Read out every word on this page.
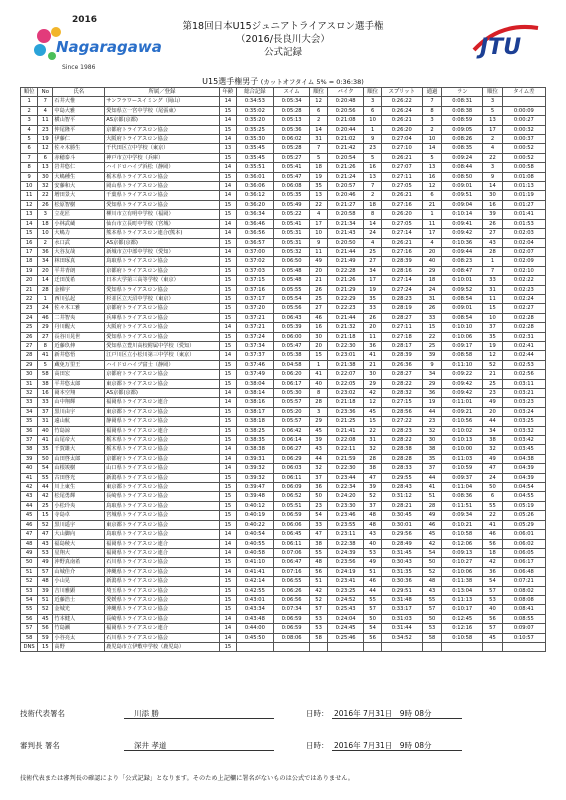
2016
Nagaragawa
Since 1986
第18回日本U15ジュニアトライアスロン選手権
（2016/長良川大会）
公式記録	JTU
U15選手権男子 (カットオフタイム 5% = 0:36:38)
順位	No	氏名	所属／登録	年齢	総合記録	スイム	順位	バイク	順位	スプリット	通過	ラン	順位	タイム差
1	7	石井大惟	サンフラワースイミング（岡山）	14	0:34:53	0:05:34	12	0:20:48	3	0:26:22	7	0:08:31	3	
2	4	中島大雅	愛知県立一宮中学校（尾張東）	15	0:35:02	0:05:28	6	0:20:56	6	0:26:24	8	0:08:38	5	0:00:09
3	11	横山智平	AS京都(京都)	14	0:35:20	0:05:13	2	0:21:08	10	0:26:21	3	0:08:59	13	0:00:27
4	23	仲尾隆平	京都府トライアスロン協会	15	0:35:25	0:05:36	14	0:20:44	1	0:26:20	2	0:09:05	17	0:00:32
5	19	伊藤仁	大阪府トライアスロン協会	14	0:35:30	0:06:02	31	0:21:02	9	0:27:04	10	0:08:26	2	0:00:37
6	12	佐々木勝生	千代田区立中学校（東京）	13	0:35:45	0:05:28	7	0:21:42	23	0:27:10	14	0:08:35	4	0:00:52
7	6	赤穂泰斗	神戸市立中学校（兵庫）	15	0:35:45	0:05:27	5	0:20:54	5	0:26:21	5	0:09:24	22	0:00:52
8	13	岩井悠仁	ハイドロハイブ浜松（静岡）	14	0:35:51	0:05:41	18	0:21:26	16	0:27:07	13	0:08:44	3	0:00:58
9	30	大嶋種生	栃木県トライアスロン協会	15	0:36:01	0:05:47	19	0:21:24	13	0:27:11	16	0:08:50	9	0:01:08
10	32	安藤和大	岡山県トライアスロン協会	14	0:36:06	0:06:08	35	0:20:57	7	0:27:05	12	0:09:01	14	0:01:13
11	22	増田景大	千葉県トライアスロン協会	14	0:36:12	0:05:35	13	0:20:46	2	0:26:21	6	0:09:51	30	0:01:19
12	26	松原智樹	愛知県トライアスロン協会	15	0:36:20	0:05:49	22	0:21:27	18	0:27:16	21	0:09:04	16	0:01:27
13	3	立花匠	柳川市立有明中学校（福岡）	15	0:36:34	0:05:22	4	0:20:58	8	0:26:20	1	0:10:14	39	0:01:41
14	18	小林武蔵	仙台市立長町中学校（宮城）	14	0:36:46	0:05:41	17	0:21:34	14	0:27:05	11	0:09:41	26	0:01:53
15	10	大嶋力	熊本県トライアスロン連合(熊本)	14	0:36:56	0:05:31	10	0:21:43	24	0:27:14	17	0:09:42	27	0:02:03
16	2	水口武	AS京都(京都)	15	0:36:57	0:05:31	9	0:20:50	4	0:26:21	4	0:10:36	43	0:02:04
17	36	大谷友哉	新城市立中部中学校（愛知）	14	0:37:00	0:05:32	11	0:21:44	25	0:27:16	20	0:09:44	28	0:02:07
18	34	林田琢真	鳥取県トライアスロン協会	15	0:37:02	0:06:50	49	0:21:49	27	0:28:39	40	0:08:23	1	0:02:09
19	20	平井青朗	京都府トライアスロン協会	15	0:37:03	0:05:48	20	0:22:28	34	0:28:16	29	0:08:47	7	0:02:10
20	14	迁田茂希	日本大学第三高等学校（東京）	15	0:37:15	0:05:48	21	0:21:26	17	0:27:14	18	0:10:01	33	0:02:22
21	28	金梯宇	愛知県トライアスロン協会	15	0:37:16	0:05:55	26	0:21:29	19	0:27:24	24	0:09:52	31	0:02:23
22	1	西川弘起	杉並区立天沼中学校（東京）	15	0:37:17	0:05:54	25	0:22:29	35	0:28:23	31	0:08:54	11	0:02:24
23	24	佐々木工雅	京都府トライアスロン協会	15	0:37:20	0:05:56	27	0:22:23	33	0:28:19	26	0:09:01	15	0:02:27
24	46	二井智央	兵庫県トライアスロン協会	15	0:37:21	0:06:43	46	0:21:44	26	0:28:27	33	0:08:54	10	0:02:28
25	29	丹川醒大	大阪府トライアスロン協会	14	0:37:21	0:05:39	16	0:21:32	20	0:27:11	15	0:10:10	37	0:02:28
26	27	長谷川晃世	愛知県トライアスロン協会	15	0:37:24	0:06:00	30	0:21:18	11	0:27:18	22	0:10:06	35	0:02:31
27	8	近藤玖伸	愛知県立豊川高校附属中学校（愛知）	15	0:37:34	0:05:47	20	0:22:30	36	0:28:17	25	0:09:17	19	0:02:41
28	41	新井悠悟	江戸川区立小松川第三中学校（東京）	14	0:37:37	0:05:38	15	0:23:01	41	0:28:39	39	0:08:58	12	0:02:44
29	5	蔵免万里王	ハイドロハイブ富士（静岡）	15	0:37:46	0:04:58	1	0:21:38	21	0:26:36	9	0:11:10	52	0:02:53
30	58	高田宏	京都府トライアスロン協会	15	0:37:49	0:06:20	41	0:22:07	30	0:28:27	34	0:09:22	21	0:02:56
31	38	平井悠太郎	東京都トライアスロン協会	15	0:38:04	0:06:17	40	0:22:05	29	0:28:22	29	0:09:42	25	0:03:11
32	16	岡本空翔	AS京都(京都)	14	0:38:14	0:05:30	8	0:23:02	42	0:28:32	36	0:09:42	23	0:03:21
33	33	山中翔輝	福岡県トライアスロン連合	14	0:38:16	0:05:57	28	0:21:18	12	0:27:15	19	0:11:01	49	0:03:23
34	37	黒川由宇	東京都トライアスロン協会	15	0:38:17	0:05:20	3	0:23:36	45	0:28:56	44	0:09:21	20	0:03:24
35	31	遠山航	静岡県トライアスロン協会	15	0:38:18	0:05:57	29	0:21:25	15	0:27:22	23	0:10:56	44	0:03:25
36	40	竹島諒	福岡県トライアスロン連合	15	0:38:25	0:06:42	45	0:21:41	22	0:28:23	32	0:10:02	34	0:03:32
37	41	山尾帝大	栃木県トライアスロン協会	15	0:38:35	0:06:14	39	0:22:08	31	0:28:22	30	0:10:13	38	0:03:42
38	35	千賀雄大	栃木県トライアスロン協会	14	0:38:38	0:06:27	43	0:22:11	32	0:28:38	38	0:10:00	32	0:03:45
39	50	山田啓太郎	京都府トライアスロン協会	14	0:39:31	0:06:29	44	0:21:59	28	0:28:28	35	0:11:03	49	0:04:38
40	54	山根竣樹	山口県トライアスロン協会	14	0:39:32	0:06:03	32	0:22:30	38	0:28:33	37	0:10:59	47	0:04:39
41	55	古田啓光	新潟県トライアスロン協会	15	0:39:32	0:06:11	37	0:23:44	47	0:29:55	44	0:09:37	24	0:04:39
42	44	川上東生	東京都トライアスロン協会	15	0:39:47	0:06:09	36	0:22:34	39	0:28:43	41	0:11:04	50	0:04:54
43	42	松尾勇輝	長崎県トライアスロン協会	15	0:39:48	0:06:52	50	0:24:20	52	0:31:12	51	0:08:36	6	0:04:55
44	25	小松玲央	鳥取県トライアスロン協会	15	0:40:12	0:05:51	23	0:23:30	37	0:28:21	28	0:11:51	55	0:05:19
45	15	寺島卓	宮城県トライアスロン協会	15	0:40:19	0:06:59	54	0:23:46	48	0:30:45	49	0:09:34	22	0:05:26
46	52	黒川遥宇	東京都トライアスロン協会	15	0:40:22	0:06:06	33	0:23:55	48	0:30:01	46	0:10:21	41	0:05:29
47	47	大山脚向	鳥取県トライアスロン協会	14	0:40:54	0:06:45	47	0:23:11	43	0:29:56	45	0:10:58	46	0:06:01
48	43	福島稜大	福岡県トライアスロン連合	14	0:40:55	0:06:11	38	0:22:38	40	0:28:49	42	0:12:06	56	0:06:02
49	53	星翔大	福岡県トライアスロン連合	14	0:40:58	0:07:06	55	0:24:39	53	0:31:45	54	0:09:13	18	0:06:05
50	49	沖野真南希	石川県トライアスロン協会	15	0:41:10	0:06:47	48	0:23:56	49	0:30:43	50	0:10:27	42	0:06:17
51	57	山城佳介	沖縄県トライアスロン協会	14	0:41:41	0:07:16	56	0:24:19	51	0:31:35	52	0:10:06	36	0:06:48
52	48	小山晃	新潟県トライアスロン協会	15	0:42:14	0:06:55	51	0:23:41	46	0:30:36	48	0:11:38	54	0:07:21
53	39	吉川雅顕	埼玉県トライアスロン協会	15	0:42:55	0:06:26	42	0:23:25	44	0:29:51	43	0:13:04	57	0:08:02
54	51	近藤浩士	愛媛県トライアスロン協会	15	0:43:01	0:06:56	52	0:24:52	55	0:31:48	55	0:11:13	53	0:08:08
55	52	金城光	沖縄県トライアスロン協会	15	0:43:34	0:07:34	57	0:25:43	57	0:33:17	57	0:10:17	40	0:08:41
56	45	竹本健人	長崎県トライアスロン協会	14	0:43:48	0:06:59	53	0:24:04	50	0:31:03	50	0:12:45	56	0:08:55
57	56	竹島瀬	福岡県トライアスロン連合	14	0:44:00	0:06:59	53	0:24:45	54	0:31:44	53	0:12:16	57	0:09:07
58	59	小谷亮太	石川県トライアスロン協会	14	0:45:50	0:08:06	58	0:25:46	56	0:34:52	58	0:10:58	45	0:10:57
DNS	15	高野	鹿児島市立伊敷中学校（鹿児島）	15										
技術代表署名	川添 勝	日時： 2016年 7月31日　9時 08分
審判長 署名	深井 孝道	日時： 2016年 7月31日　9時 08分
技術代表または審判長の確認により「公式記録」となります。そのため上記欄に署名がないものは公式ではありません。
